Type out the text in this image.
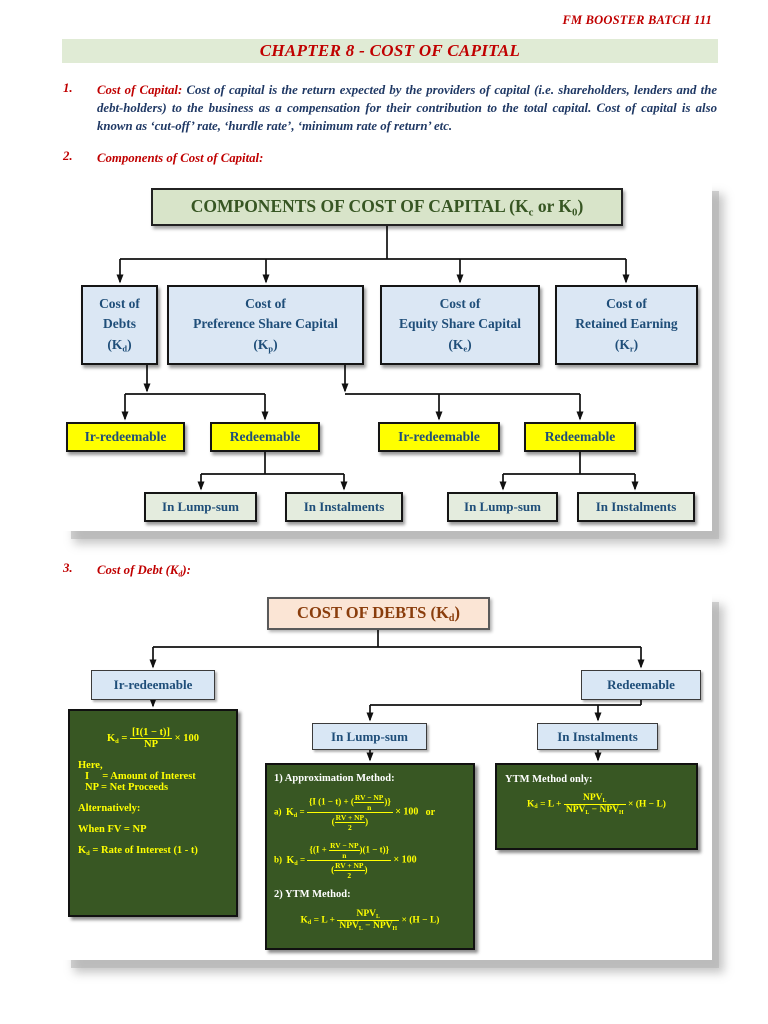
FM BOOSTER BATCH 111
CHAPTER 8 - COST OF CAPITAL
1.	Cost of Capital: Cost of capital is the return expected by the providers of capital (i.e. shareholders, lenders and the debt-holders) to the business as a compensation for their contribution to the total capital. Cost of capital is also known as ‘cut-off’ rate, ‘hurdle rate’, ‘minimum rate of return’ etc.

2.	Components of Cost of Capital:

COMPONENTS OF COST OF CAPITAL ($K_c$ or $K_0$)
Cost of
Debts
$(K_d)$
Cost of
Preference Share Capital
$(K_p)$
Cost of
Equity Share Capital
$(K_e)$
Cost of
Retained Earning
$(K_r)$
Ir-redeemable	Redeemable	Ir-redeemable	Redeemable
In Lump-sum	In Instalments	In Lump-sum	In Instalments
3.	Cost of Debt $(K_d)$:

COST OF DEBTS $(K_d)$
Ir-redeemable	Redeemable
In Lump-sum	In Instalments
$K_d = \frac{[I(1 - t)]}{NP} \times 100$
Here,
I     = Amount of Interest
NP = Net Proceeds
Alternatively:
When FV = NP
$K_d$ = Rate of Interest (1 - t)
1) Approximation Method:
a) $K_d = \frac{\{I (1 - t) + ( \frac{RV - NP}{n} )\}}{( \frac{RV + NP}{2} )} \times 100$ or
b) $K_d = \frac{\{(I + \frac{RV - NP}{n} )(1 - t)\}}{( \frac{RV + NP}{2} )} \times 100$
2) YTM Method:
$K_d = L + \frac{NPV_L}{NPV_L - NPV_H} \times (H - L)$
YTM Method only:
$K_d = L + \frac{NPV_L}{NPV_L - NPV_H} \times (H - L)$
